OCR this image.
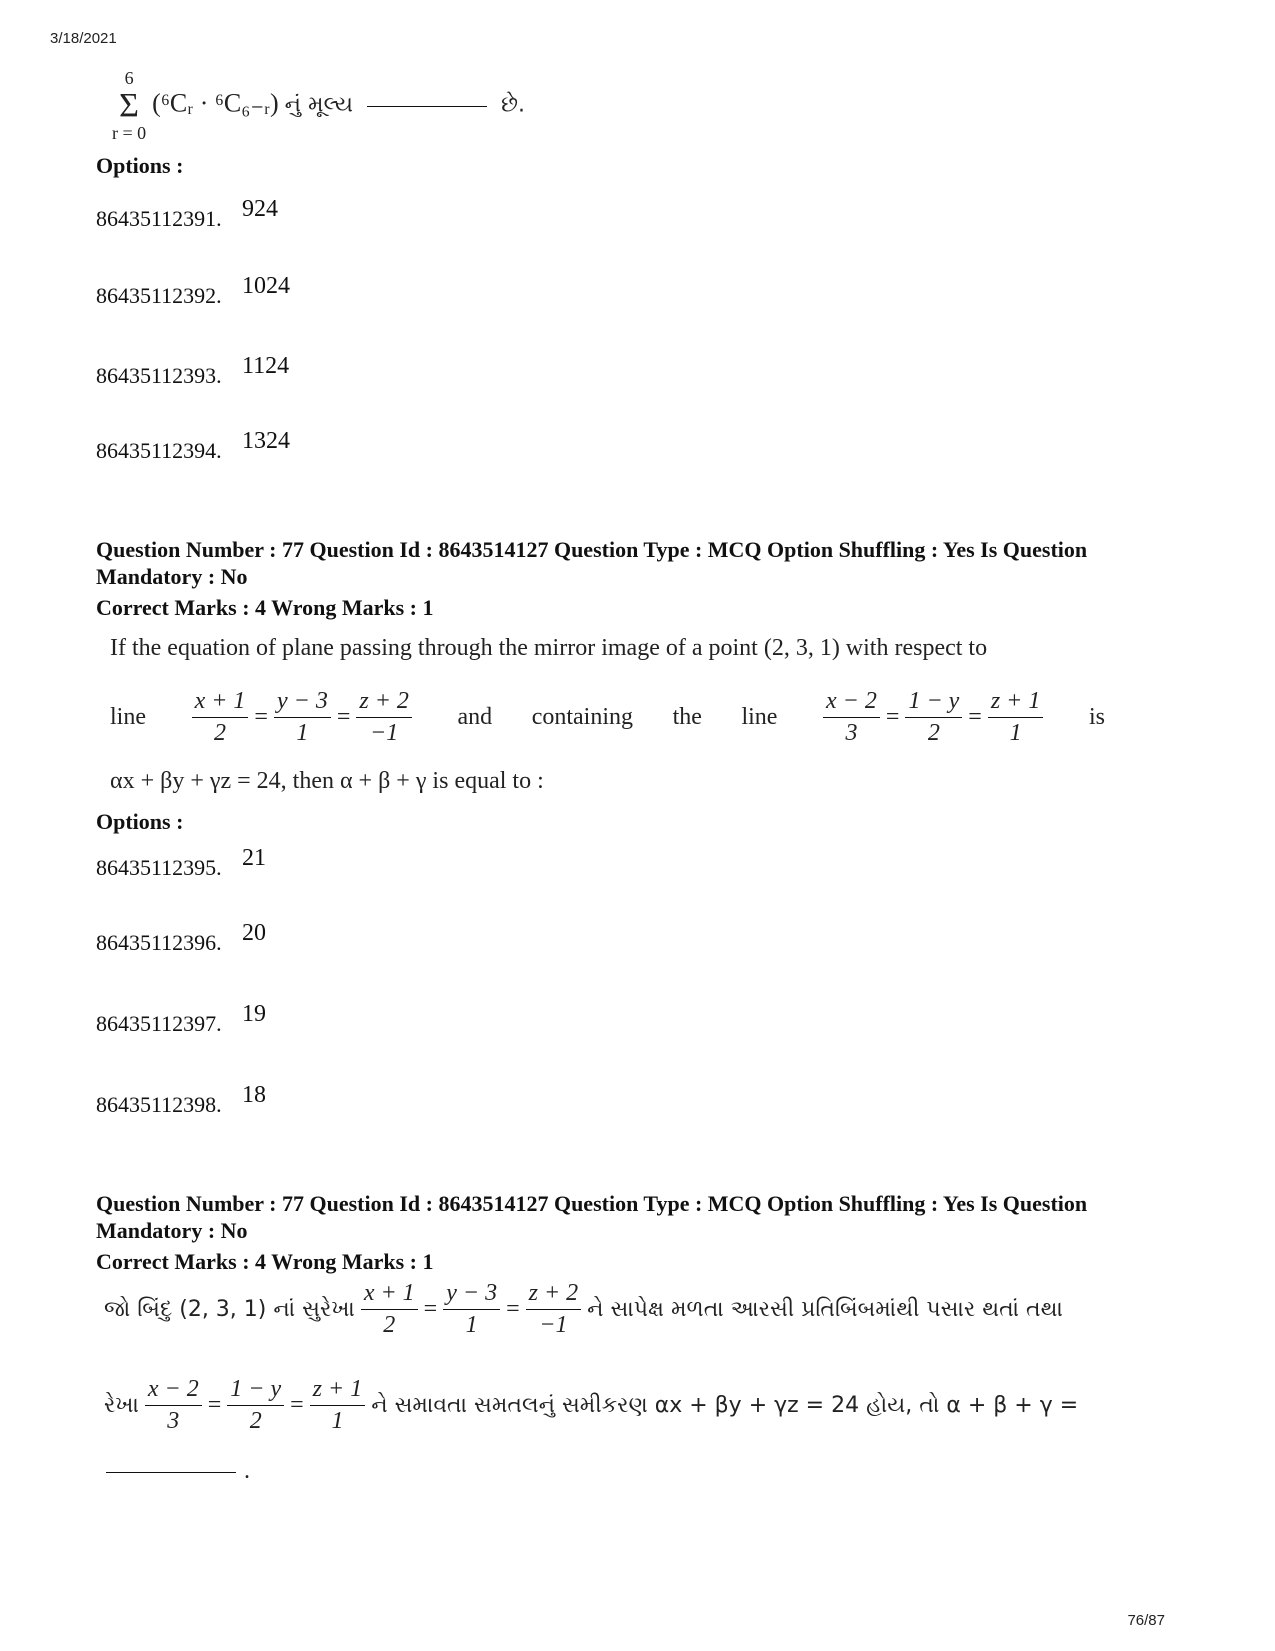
3/18/2021
6
Σ
r = 0
(⁶Cᵣ · ⁶C₆₋ᵣ) નું મૂલ્ય	છે.
Options :
86435112391. 924
86435112392. 1024
86435112393. 1124
86435112394. 1324
Question Number : 77 Question Id : 8643514127 Question Type : MCQ Option Shuffling : Yes Is Question
Mandatory : No
Correct Marks : 4 Wrong Marks : 1
If the equation of plane passing through the mirror image of a point (2, 3, 1) with respect to
line $\frac{x + 1}{2} = \frac{y - 3}{1} = \frac{z + 2}{-1}$ and containing the line $\frac{x - 2}{3} = \frac{1 - y}{2} = \frac{z + 1}{1}$ is
αx + βy + γz = 24, then α + β + γ is equal to :
Options :
86435112395. 21
86435112396. 20
86435112397. 19
86435112398. 18
Question Number : 77 Question Id : 8643514127 Question Type : MCQ Option Shuffling : Yes Is Question
Mandatory : No
Correct Marks : 4 Wrong Marks : 1
જો બિંદુ (2, 3, 1) નાં સુરેખા $\frac{x + 1}{2} = \frac{y - 3}{1} = \frac{z + 2}{-1}$ ને સાપેક્ષ મળતા આરસી પ્રતિબિંબમાંથી પસાર થતાં તથા
રેખા $\frac{x - 2}{3} = \frac{1 - y}{2} = \frac{z + 1}{1}$ ને સમાવતા સમતલનું સમીકરણ αx + βy + γz = 24 હોય, તો α + β + γ =
.
76/87
